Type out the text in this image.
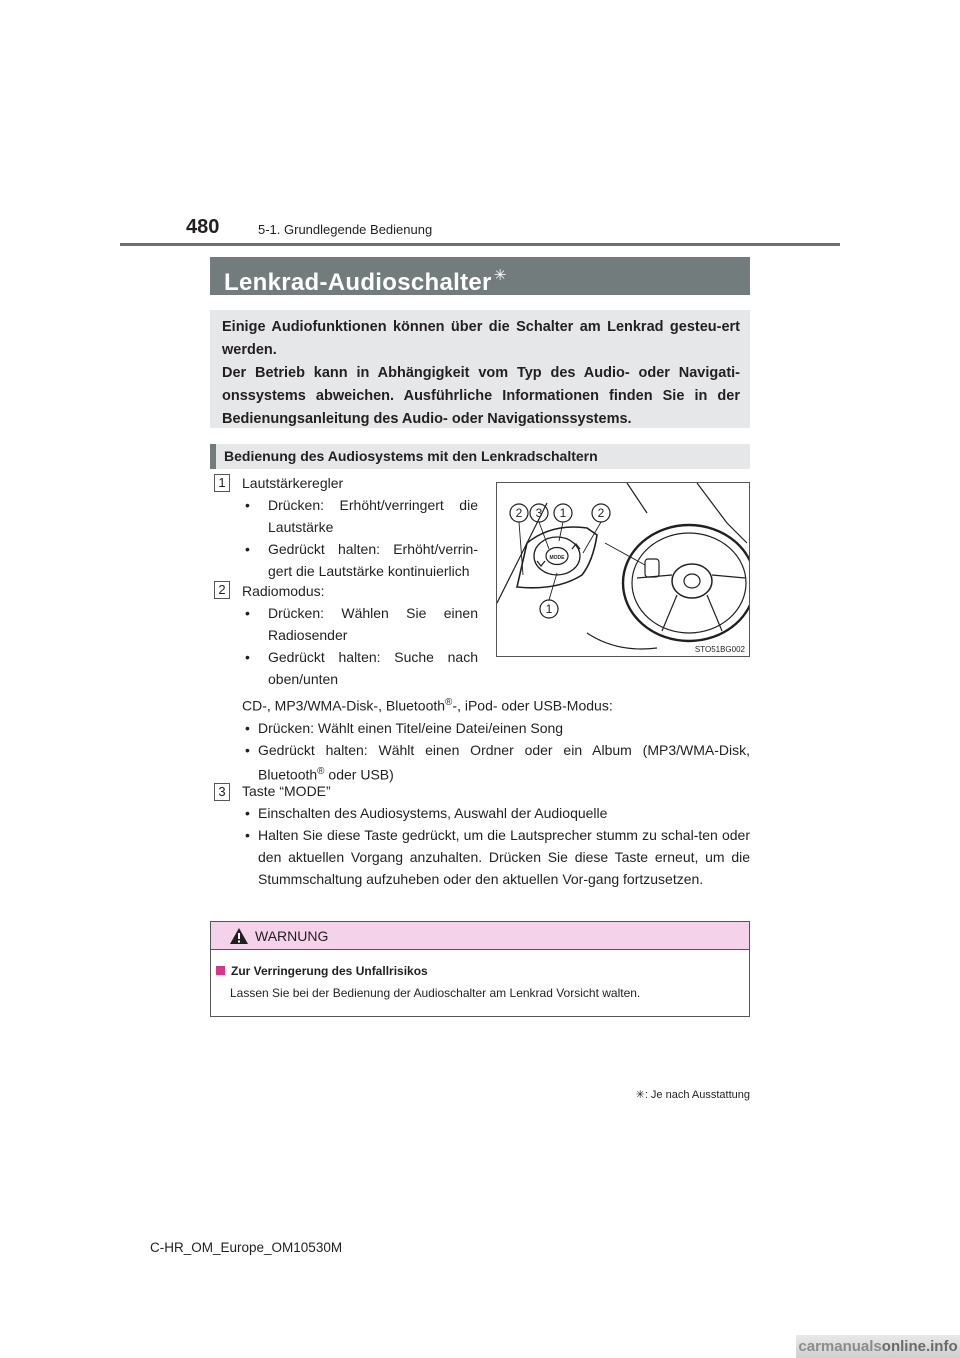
480	5-1. Grundlegende Bedienung
Lenkrad-Audioschalter ✳

Einige Audiofunktionen können über die Schalter am Lenkrad gesteu-ert werden.

Der Betrieb kann in Abhängigkeit vom Typ des Audio- oder Navigati-onssystems abweichen. Ausführliche Informationen finden Sie in der Bedienungsanleitung des Audio- oder Navigationssystems.

Bedienung des Audiosystems mit den Lenkradschaltern
1	Lautstärkeregler

• Drücken: Erhöht/verringert die Lautstärke

• Gedrückt halten: Erhöht/verrin-gert die Lautstärke kontinuierlich

2	Radiomodus:

• Drücken: Wählen Sie einen Radiosender

• Gedrückt halten: Suche nach oben/unten

CD-, MP3/WMA-Disk-, Bluetooth®-, iPod- oder USB-Modus:

• Drücken: Wählt einen Titel/eine Datei/einen Song

• Gedrückt halten: Wählt einen Ordner oder ein Album (MP3/WMA-Disk, Bluetooth® oder USB)

3	Taste “MODE”

• Einschalten des Audiosystems, Auswahl der Audioquelle

• Halten Sie diese Taste gedrückt, um die Lautsprecher stumm zu schal-ten oder den aktuellen Vorgang anzuhalten. Drücken Sie diese Taste erneut, um die Stummschaltung aufzuheben oder den aktuellen Vor-gang fortzusetzen.

2 3 1	2
1
MODE
STO51BG002
WARNUNG
Zur Verringerung des Unfallrisikos
Lassen Sie bei der Bedienung der Audioschalter am Lenkrad Vorsicht walten.
✳: Je nach Ausstattung
C-HR_OM_Europe_OM10530M
carmanualsonline.info
